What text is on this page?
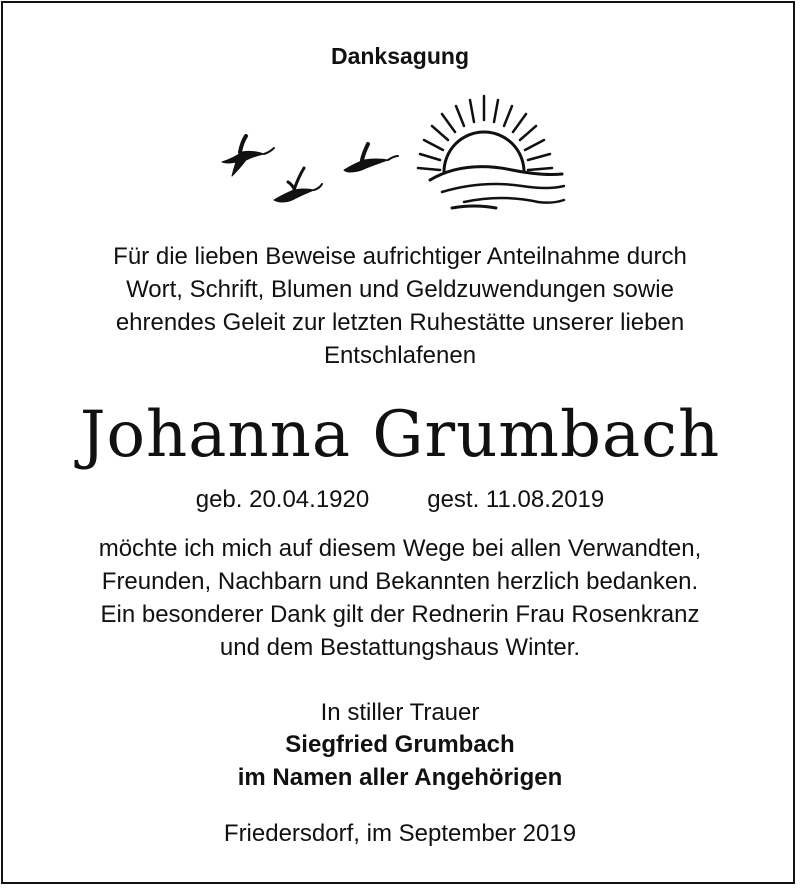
Danksagung
Für die lieben Beweise aufrichtiger Anteilnahme durch
Wort, Schrift, Blumen und Geldzuwendungen sowie
ehrendes Geleit zur letzten Ruhestätte unserer lieben
Entschlafenen
Johanna Grumbach
geb. 20.04.1920 gest. 11.08.2019
möchte ich mich auf diesem Wege bei allen Verwandten,
Freunden, Nachbarn und Bekannten herzlich bedanken.
Ein besonderer Dank gilt der Rednerin Frau Rosenkranz
und dem Bestattungshaus Winter.
In stiller Trauer
Siegfried Grumbach
im Namen aller Angehörigen
Friedersdorf, im September 2019
